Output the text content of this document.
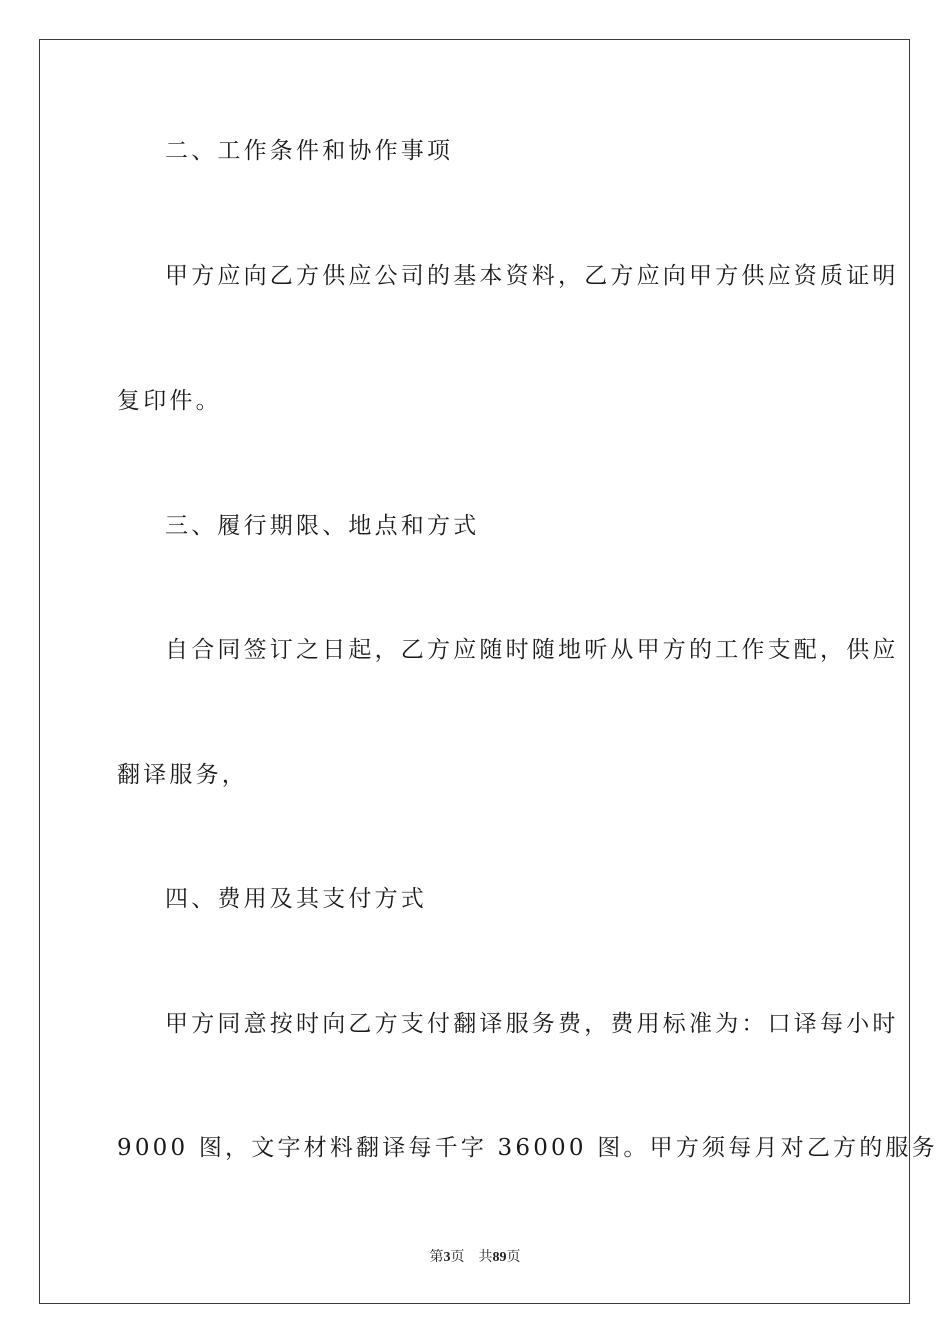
二、工作条件和协作事项
甲方应向乙方供应公司的基本资料，乙方应向甲方供应资质证明
复印件。
三、履行期限、地点和方式
自合同签订之日起，乙方应随时随地听从甲方的工作支配，供应
翻译服务，
四、费用及其支付方式
甲方同意按时向乙方支付翻译服务费，费用标准为：口译每小时
9000 图，文字材料翻译每千字 36000 图。甲方须每月对乙方的服务
第3页 共89页
